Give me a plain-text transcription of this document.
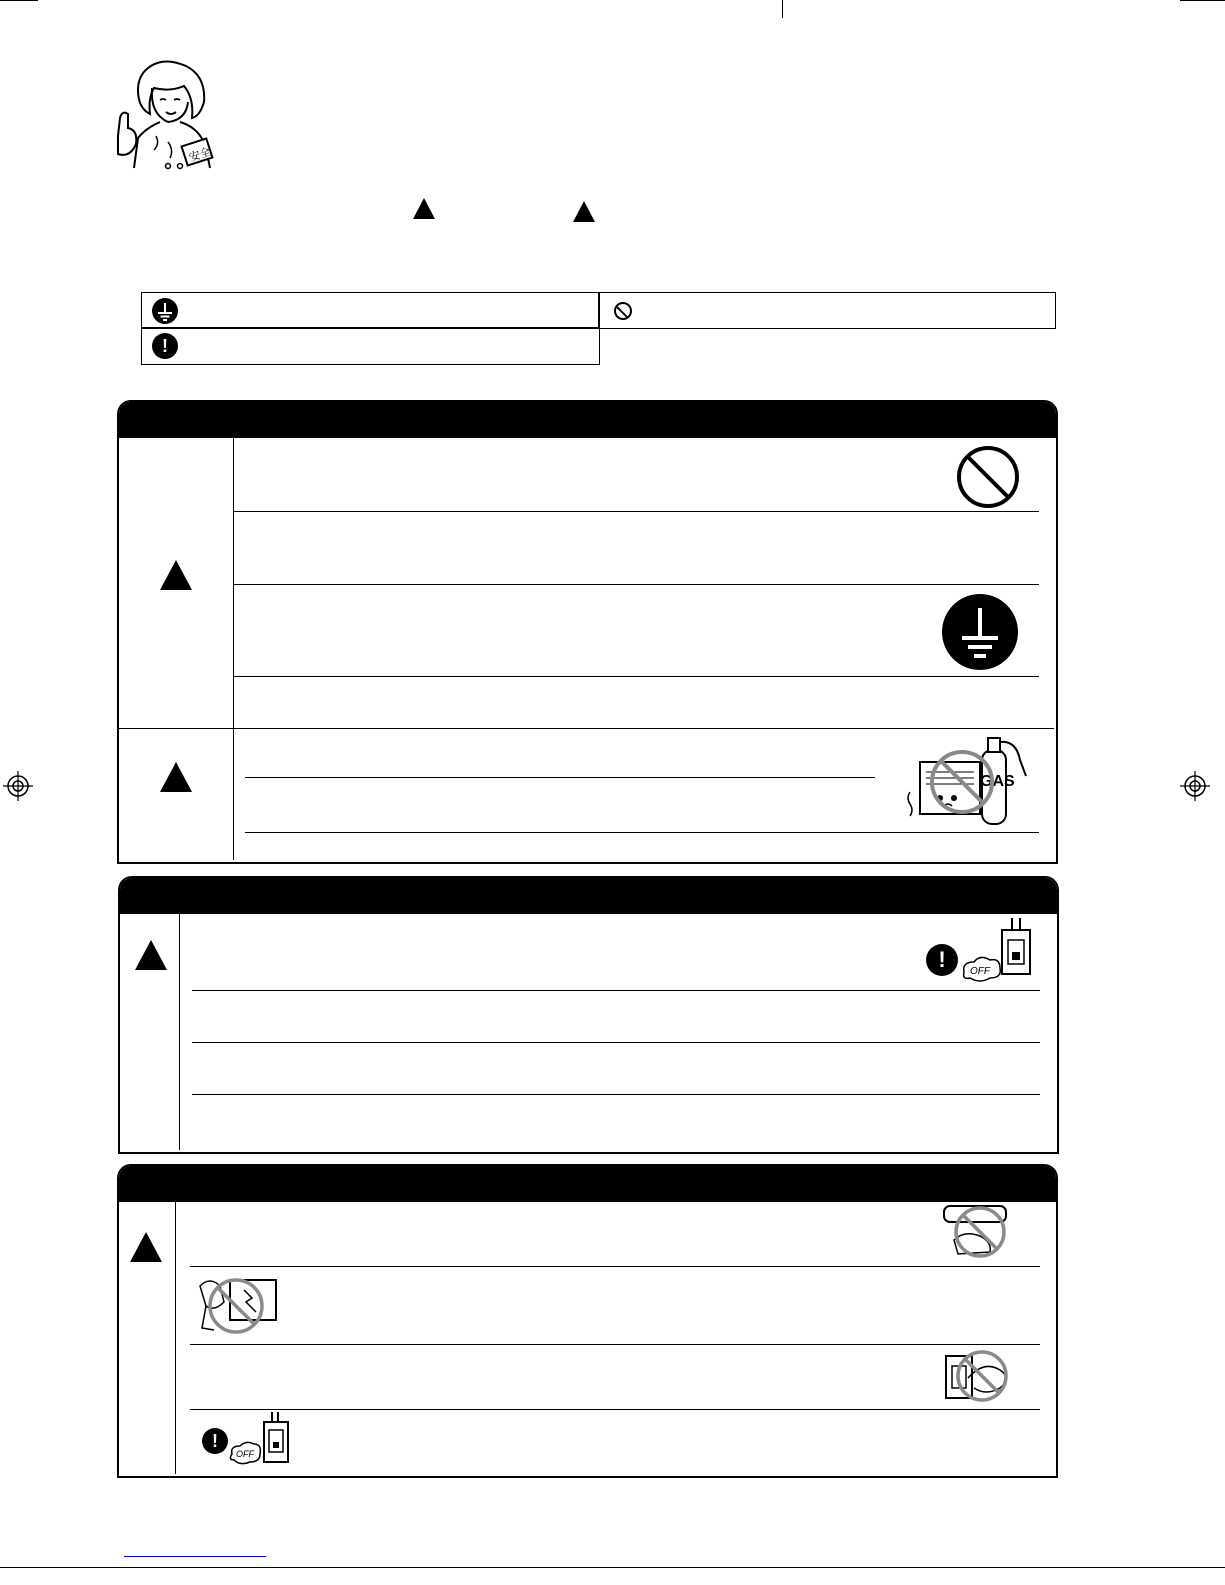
安全
!
GAS
!	OFF
!
OFF
